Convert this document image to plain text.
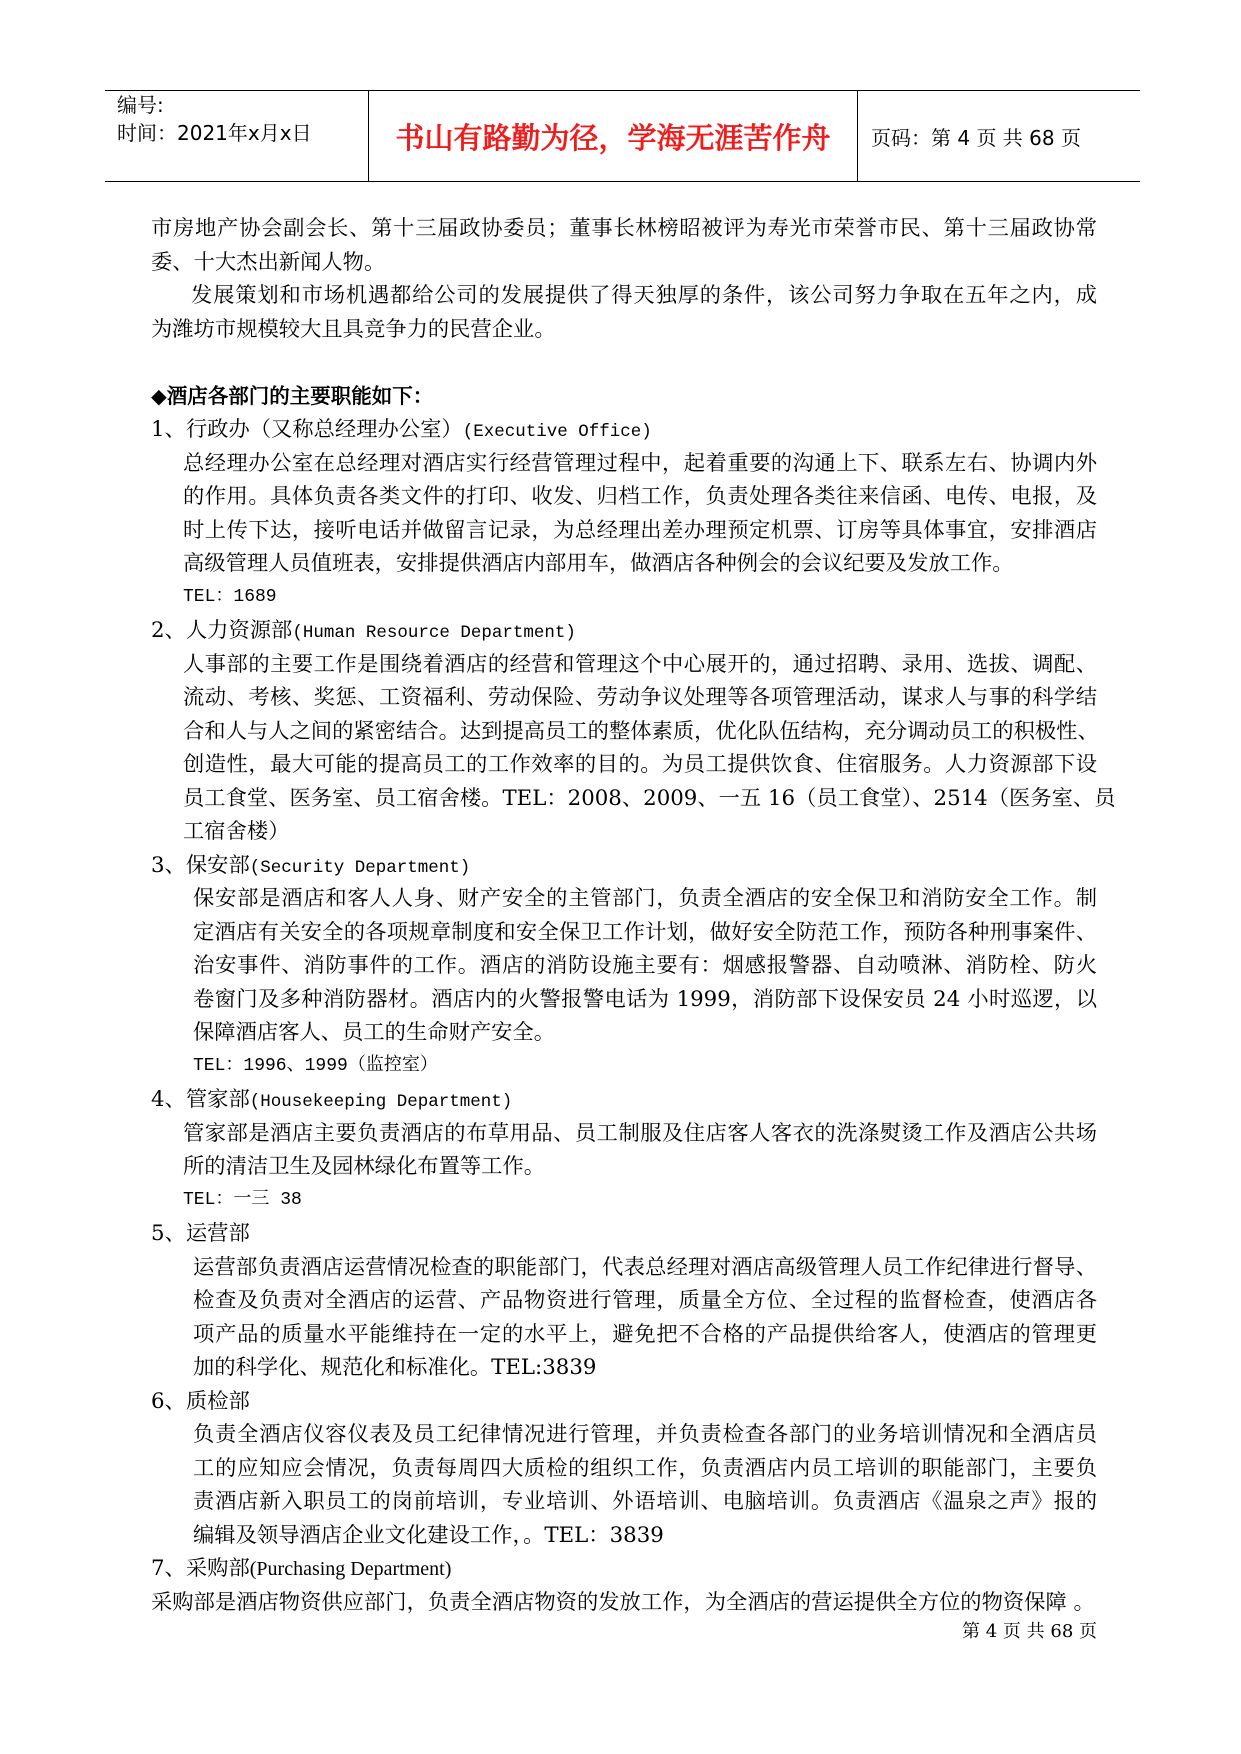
编号:
时间：2021年x月x日	书山有路勤为径，学海无涯苦作舟 页码：第 4 页 共 68 页
市房地产协会副会长、第十三届政协委员；董事长林榜昭被评为寿光市荣誉市民、第十三届政协常
委、十大杰出新闻人物。
发展策划和市场机遇都给公司的发展提供了得天独厚的条件，该公司努力争取在五年之内，成
为潍坊市规模较大且具竞争力的民营企业。
◆酒店各部门的主要职能如下：
1、行政办（又称总经理办公室）(Executive Office)
总经理办公室在总经理对酒店实行经营管理过程中，起着重要的沟通上下、联系左右、协调内外
的作用。具体负责各类文件的打印、收发、归档工作，负责处理各类往来信函、电传、电报，及
时上传下达，接听电话并做留言记录，为总经理出差办理预定机票、订房等具体事宜，安排酒店
高级管理人员值班表，安排提供酒店内部用车，做酒店各种例会的会议纪要及发放工作。
TEL：1689
2、人力资源部(Human Resource Department)
人事部的主要工作是围绕着酒店的经营和管理这个中心展开的，通过招聘、录用、选拔、调配、
流动、考核、奖惩、工资福利、劳动保险、劳动争议处理等各项管理活动，谋求人与事的科学结
合和人与人之间的紧密结合。达到提高员工的整体素质，优化队伍结构，充分调动员工的积极性、
创造性，最大可能的提高员工的工作效率的目的。为员工提供饮食、住宿服务。人力资源部下设
员工食堂、医务室、员工宿舍楼。TEL：2008、2009、一五 16（员工食堂）、2514（医务室、员
工宿舍楼）
3、保安部(Security Department)
保安部是酒店和客人人身、财产安全的主管部门，负责全酒店的安全保卫和消防安全工作。制
定酒店有关安全的各项规章制度和安全保卫工作计划，做好安全防范工作，预防各种刑事案件、
治安事件、消防事件的工作。酒店的消防设施主要有：烟感报警器、自动喷淋、消防栓、防火
卷窗门及多种消防器材。酒店内的火警报警电话为 1999，消防部下设保安员 24 小时巡逻，以
保障酒店客人、员工的生命财产安全。
TEL：1996、1999（监控室）
4、管家部(Housekeeping Department)
管家部是酒店主要负责酒店的布草用品、员工制服及住店客人客衣的洗涤熨烫工作及酒店公共场
所的清洁卫生及园林绿化布置等工作。
TEL：一三 38
5、运营部
运营部负责酒店运营情况检查的职能部门，代表总经理对酒店高级管理人员工作纪律进行督导、
检查及负责对全酒店的运营、产品物资进行管理，质量全方位、全过程的监督检查，使酒店各
项产品的质量水平能维持在一定的水平上，避免把不合格的产品提供给客人，使酒店的管理更
加的科学化、规范化和标准化。TEL:3839
6、质检部
负责全酒店仪容仪表及员工纪律情况进行管理，并负责检查各部门的业务培训情况和全酒店员
工的应知应会情况，负责每周四大质检的组织工作，负责酒店内员工培训的职能部门，主要负
责酒店新入职员工的岗前培训，专业培训、外语培训、电脑培训。负责酒店《温泉之声》报的
编辑及领导酒店企业文化建设工作，。TEL：3839
7、采购部(Purchasing Department)
采购部是酒店物资供应部门，负责全酒店物资的发放工作，为全酒店的营运提供全方位的物资保障 。
第 4 页 共 68 页
